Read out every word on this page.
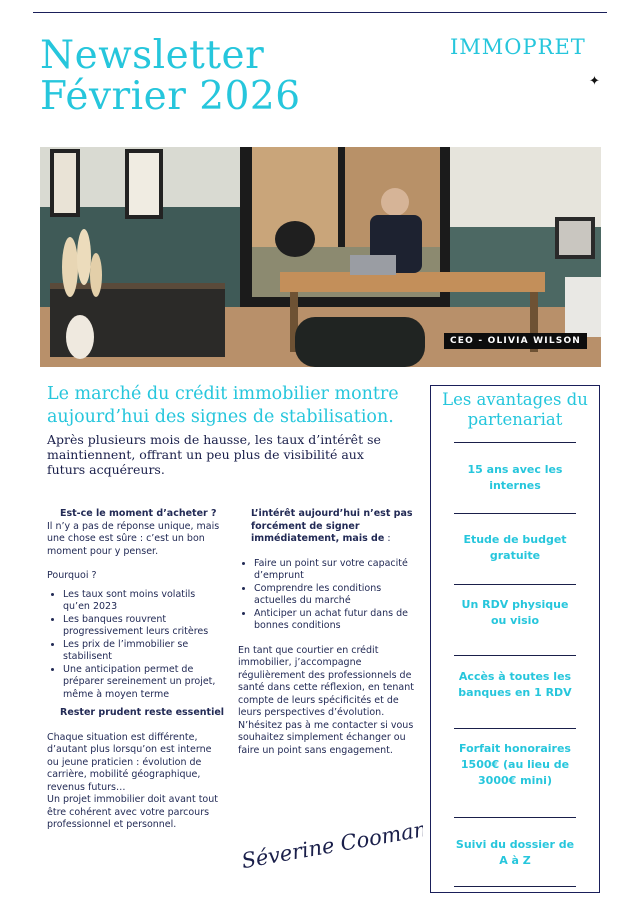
Newsletter
Février 2026
IMMOPRET
✦
CEO - OLIVIA WILSON
Le marché du crédit immobilier montre aujourd’hui des signes de stabilisation.
Après plusieurs mois de hausse, les taux d’intérêt se maintiennent, offrant un peu plus de visibilité aux futurs acquéreurs.
Est-ce le moment d’acheter ?
Il n’y a pas de réponse unique, mais une chose est sûre : c’est un bon moment pour y penser.
Pourquoi ?
• Les taux sont moins volatils qu’en 2023
• Les banques rouvrent progressivement leurs critères
• Les prix de l’immobilier se stabilisent
• Une anticipation permet de préparer sereinement un projet, même à moyen terme
Rester prudent reste essentiel
Chaque situation est différente, d’autant plus lorsqu’on est interne ou jeune praticien : évolution de carrière, mobilité géographique, revenus futurs…
Un projet immobilier doit avant tout être cohérent avec votre parcours professionnel et personnel.
L’intérêt aujourd’hui n’est pas forcément de signer immédiatement, mais de :
• Faire un point sur votre capacité d’emprunt
• Comprendre les conditions actuelles du marché
• Anticiper un achat futur dans de bonnes conditions
En tant que courtier en crédit immobilier, j’accompagne régulièrement des professionnels de santé dans cette réflexion, en tenant compte de leurs spécificités et de leurs perspectives d’évolution. N’hésitez pas à me contacter si vous souhaitez simplement échanger ou faire un point sans engagement.
Séverine Coomans
Les avantages du partenariat
15 ans avec les internes
Etude de budget gratuite
Un RDV physique ou visio
Accès à toutes les banques en 1 RDV
Forfait honoraires 1500€ (au lieu de 3000€ mini)
Suivi du dossier de A à Z
